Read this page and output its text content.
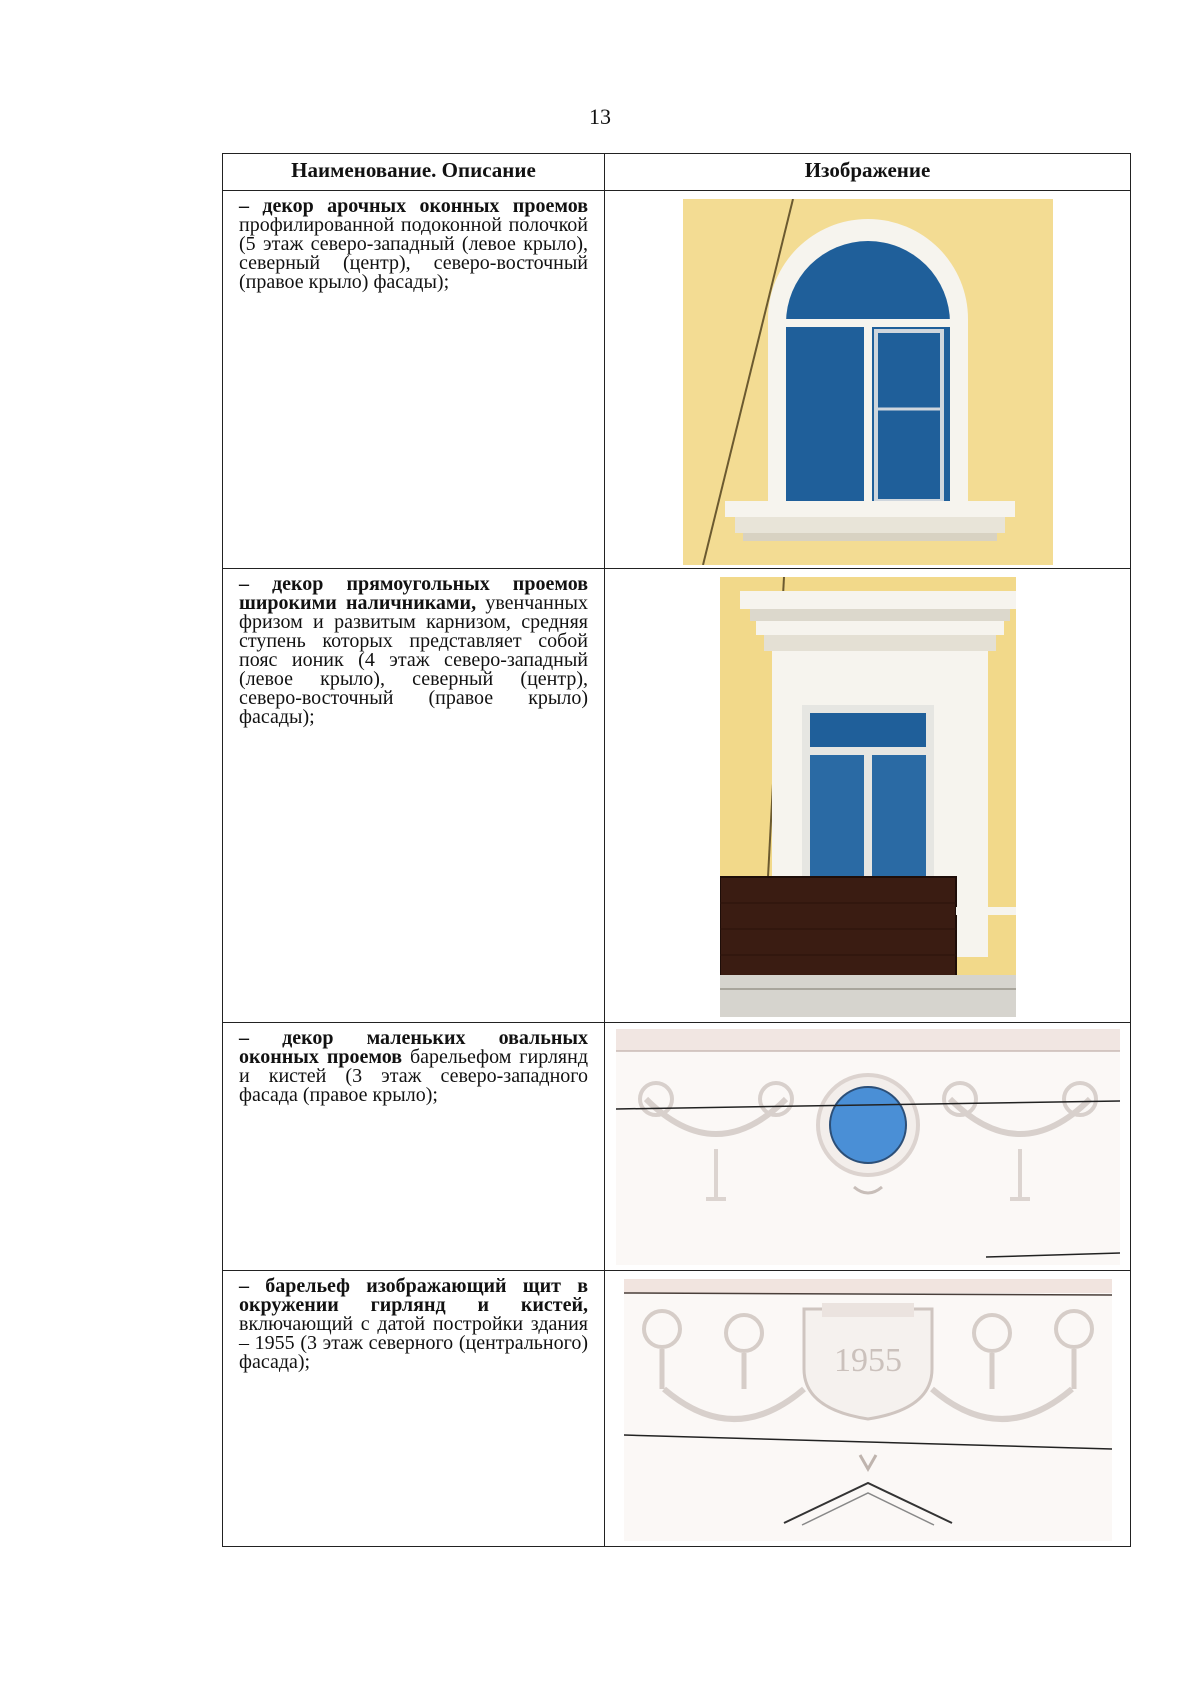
13
Наименование. Описание	Изображение
– декор арочных оконных проемов профилированной подоконной полочкой (5 этаж северо-западный (левое крыло), северный (центр), северо-восточный (правое крыло) фасады);	

– декор прямоугольных проемов широкими наличниками, увенчанных фризом и развитым карнизом, средняя ступень которых представляет собой пояс ионик (4 этаж северо-западный (левое крыло), северный (центр), северо-восточный (правое крыло) фасады);	

– декор маленьких овальных оконных проемов барельефом гирлянд и кистей (3 этаж северо-западного фасада (правое крыло);	

– барельеф изображающий щит в окружении гирлянд и кистей, включающий с датой постройки здания – 1955 (3 этаж северного (центрального) фасада);	1955
